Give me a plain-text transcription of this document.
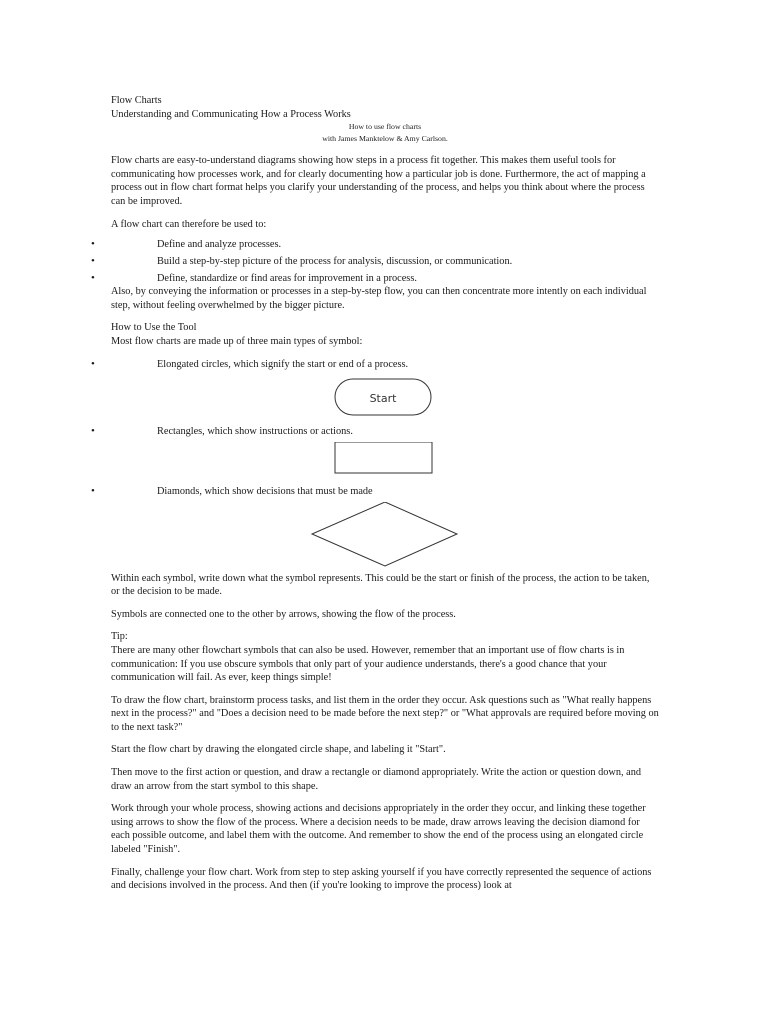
Flow Charts

Understanding and Communicating How a Process Works

How to use flow charts

with James Manktelow & Amy Carlson.

Flow charts are easy-to-understand diagrams showing how steps in a process fit together. This makes them useful tools for communicating how processes work, and for clearly documenting how a particular job is done. Furthermore, the act of mapping a process out in flow chart format helps you clarify your understanding of the process, and helps you think about where the process can be improved.

A flow chart can therefore be used to:

•	Define and analyze processes.
•	Build a step-by-step picture of the process for analysis, discussion, or communication.
•	Define, standardize or find areas for improvement in a process.

Also, by conveying the information or processes in a step-by-step flow, you can then concentrate more intently on each individual step, without feeling overwhelmed by the bigger picture.

How to Use the Tool

Most flow charts are made up of three main types of symbol:

•	Elongated circles, which signify the start or end of a process.
Start
•	Rectangles, which show instructions or actions.
•	Diamonds, which show decisions that must be made

Within each symbol, write down what the symbol represents. This could be the start or finish of the process, the action to be taken, or the decision to be made.

Symbols are connected one to the other by arrows, showing the flow of the process.

Tip:

There are many other flowchart symbols that can also be used. However, remember that an important use of flow charts is in communication: If you use obscure symbols that only part of your audience understands, there's a good chance that your communication will fail. As ever, keep things simple!

To draw the flow chart, brainstorm process tasks, and list them in the order they occur. Ask questions such as "What really happens next in the process?" and "Does a decision need to be made before the next step?" or "What approvals are required before moving on to the next task?"

Start the flow chart by drawing the elongated circle shape, and labeling it "Start".

Then move to the first action or question, and draw a rectangle or diamond appropriately. Write the action or question down, and draw an arrow from the start symbol to this shape.

Work through your whole process, showing actions and decisions appropriately in the order they occur, and linking these together using arrows to show the flow of the process. Where a decision needs to be made, draw arrows leaving the decision diamond for each possible outcome, and label them with the outcome. And remember to show the end of the process using an elongated circle labeled "Finish".

Finally, challenge your flow chart. Work from step to step asking yourself if you have correctly represented the sequence of actions and decisions involved in the process. And then (if you're looking to improve the process) look at
